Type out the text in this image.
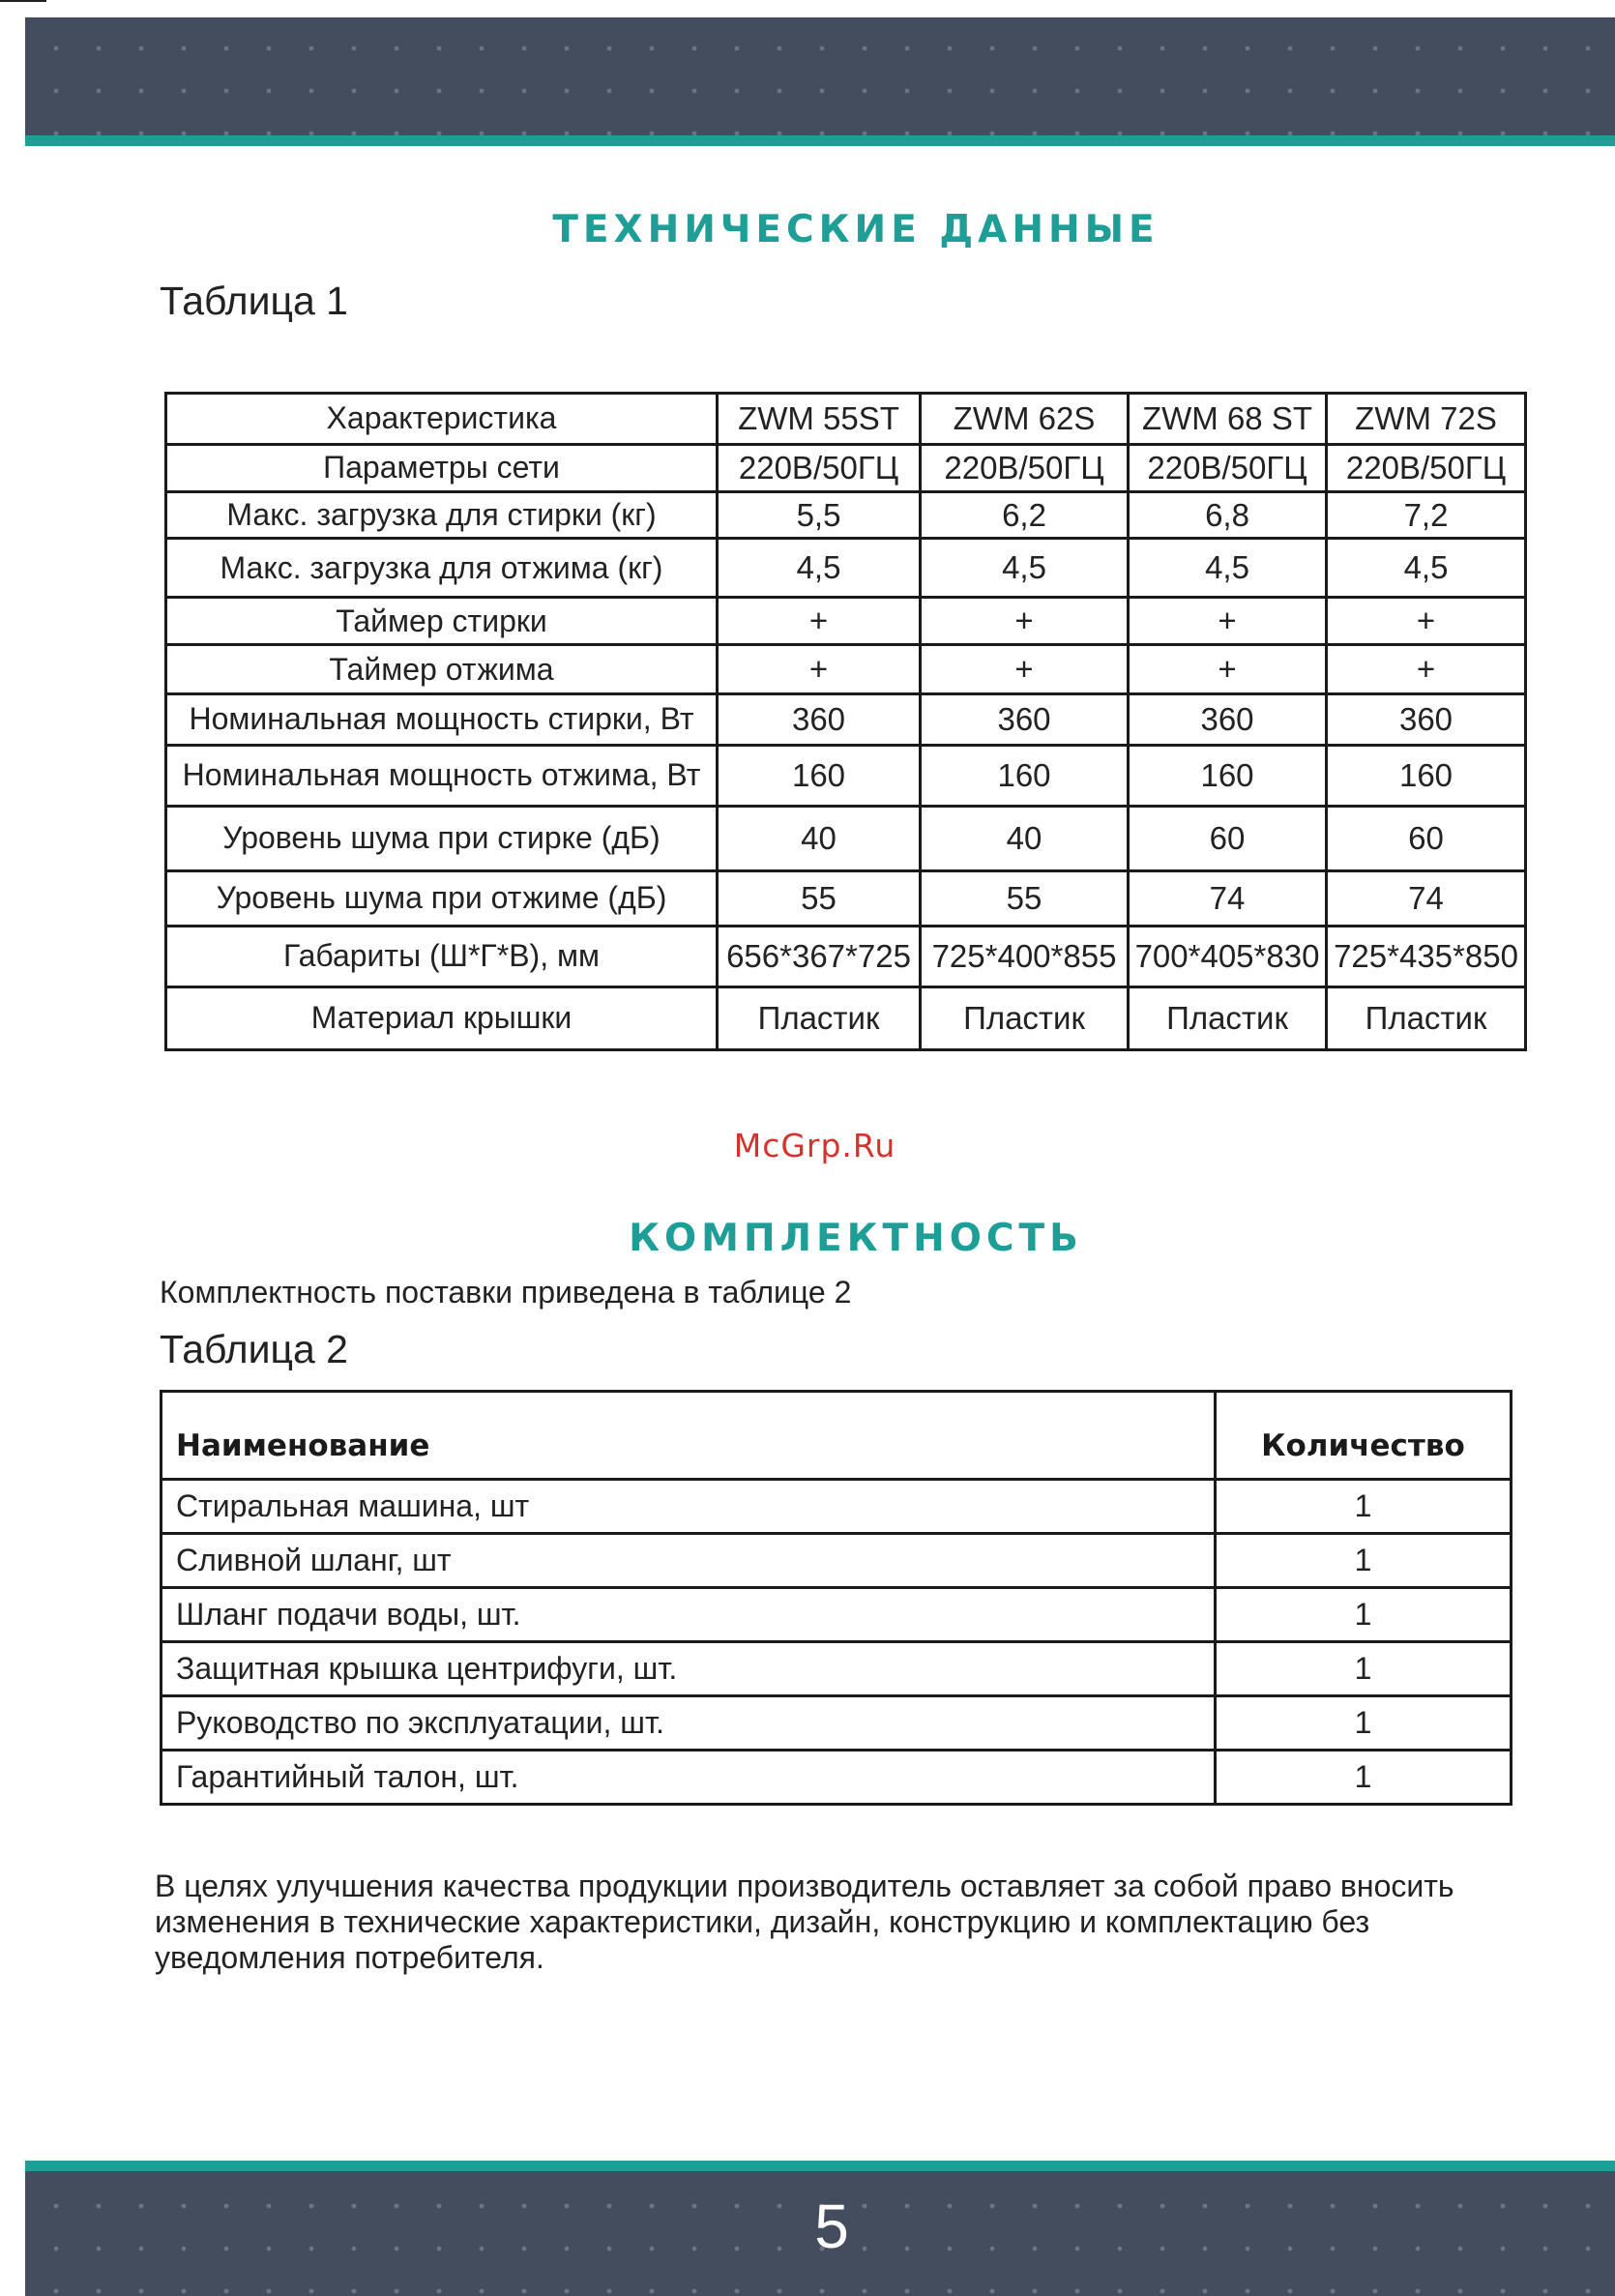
ТЕХНИЧЕСКИЕ ДАННЫЕ
Таблица 1
Характеристика	ZWM 55ST	ZWM 62S	ZWM 68 ST	ZWM 72S
Параметры сети	220В/50ГЦ	220В/50ГЦ	220В/50ГЦ	220В/50ГЦ
Макс. загрузка для стирки (кг)	5,5	6,2	6,8	7,2
Макс. загрузка для отжима (кг)	4,5	4,5	4,5	4,5
Таймер стирки	+	+	+	+
Таймер отжима	+	+	+	+
Номинальная мощность стирки, Вт	360	360	360	360
Номинальная мощность отжима, Вт	160	160	160	160
Уровень шума при стирке (дБ)	40	40	60	60
Уровень шума при отжиме (дБ)	55	55	74	74
Габариты (Ш*Г*В), мм	656*367*725	725*400*855	700*405*830	725*435*850
Материал крышки	Пластик	Пластик	Пластик	Пластик
McGrp.Ru
КОМПЛЕКТНОСТЬ
Комплектность поставки приведена в таблице 2
Таблица 2
Наименование	Количество
Стиральная машина, шт	1
Сливной шланг, шт	1
Шланг подачи воды, шт.	1
Защитная крышка центрифуги, шт.	1
Руководство по эксплуатации, шт.	1
Гарантийный талон, шт.	1
В целях улучшения качества продукции производитель оставляет за собой право вносить изменения в технические характеристики, дизайн, конструкцию и комплектацию без уведомления потребителя.
5
